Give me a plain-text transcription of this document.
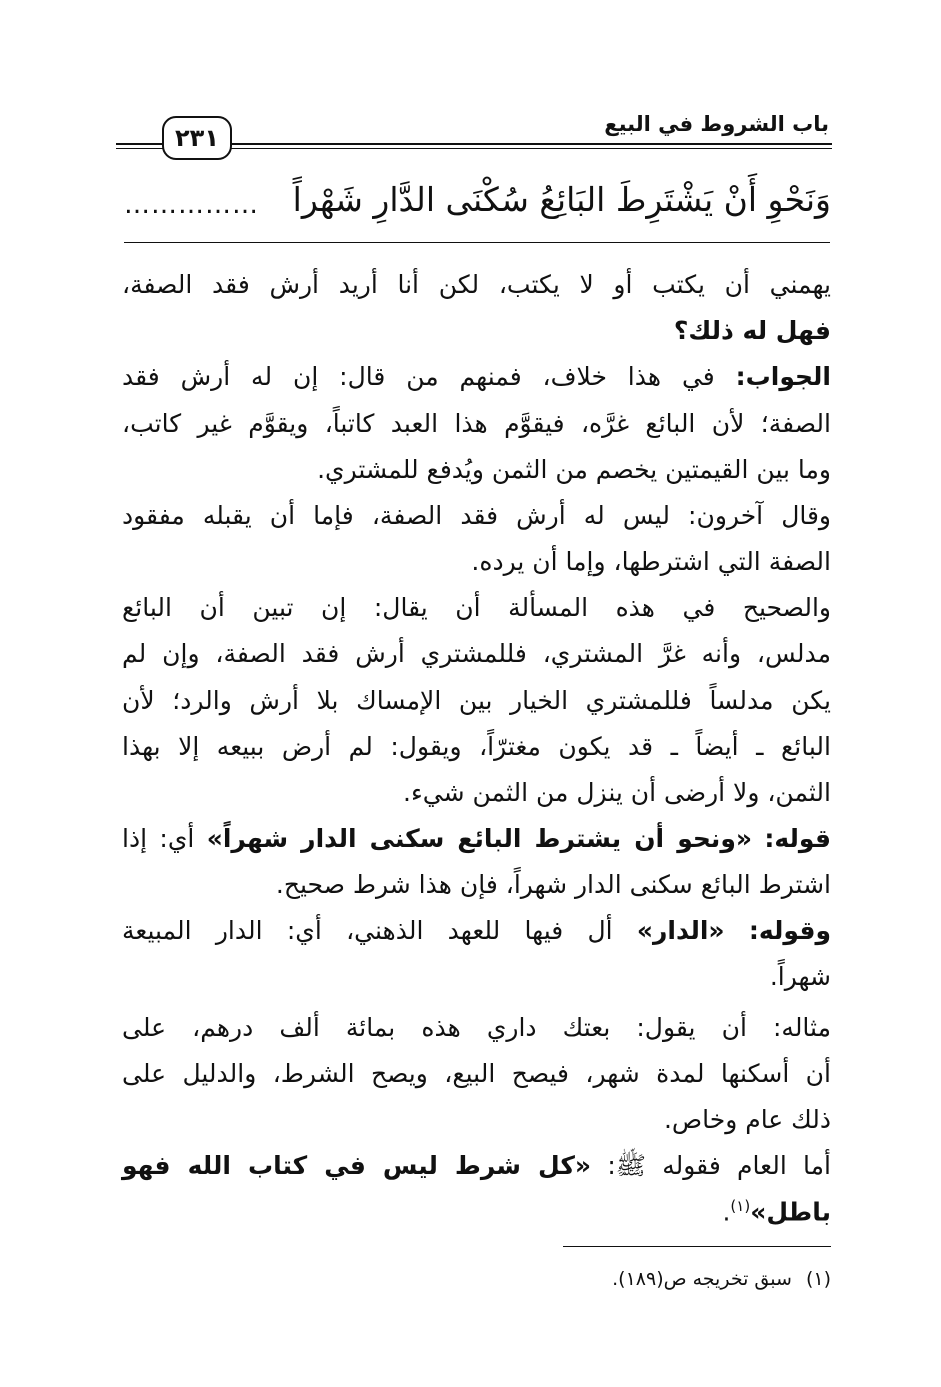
باب الشروط في البيع
٢٣١
وَنَحْوِ أَنْ يَشْتَرِطَ البَائِعُ سُكْنَى الدَّارِ شَهْراً
……………
يهمني أن يكتب أو لا يكتب، لكن أنا أريد أرش فقد الصفة،
فهل له ذلك؟
الجواب: في هذا خلاف، فمنهم من قال: إن له أرش فقد
الصفة؛ لأن البائع غرَّه، فيقوَّم هذا العبد كاتباً، ويقوَّم غير كاتب،
وما بين القيمتين يخصم من الثمن ويُدفع للمشتري.
وقال آخرون: ليس له أرش فقد الصفة، فإما أن يقبله مفقود
الصفة التي اشترطها، وإما أن يرده.
والصحيح في هذه المسألة أن يقال: إن تبين أن البائع
مدلس، وأنه غرَّ المشتري، فللمشتري أرش فقد الصفة، وإن لم
يكن مدلساً فللمشتري الخيار بين الإمساك بلا أرش والرد؛ لأن
البائع ـ أيضاً ـ قد يكون مغترّاً، ويقول: لم أرض ببيعه إلا بهذا
الثمن، ولا أرضى أن ينزل من الثمن شيء.
قوله: «ونحو أن يشترط البائع سكنى الدار شهراً» أي: إذا
اشترط البائع سكنى الدار شهراً، فإن هذا شرط صحيح.
وقوله: «الدار» أل فيها للعهد الذهني، أي: الدار المبيعة
شهراً.
مثاله: أن يقول: بعتك داري هذه بمائة ألف درهم، على
أن أسكنها لمدة شهر، فيصح البيع، ويصح الشرط، والدليل على
ذلك عام وخاص.
أما العام فقوله ﷺ: «كل شرط ليس في كتاب الله فهو
باطل»$^{(١)}$.
(١)سبق تخريجه ص(١٨٩).
